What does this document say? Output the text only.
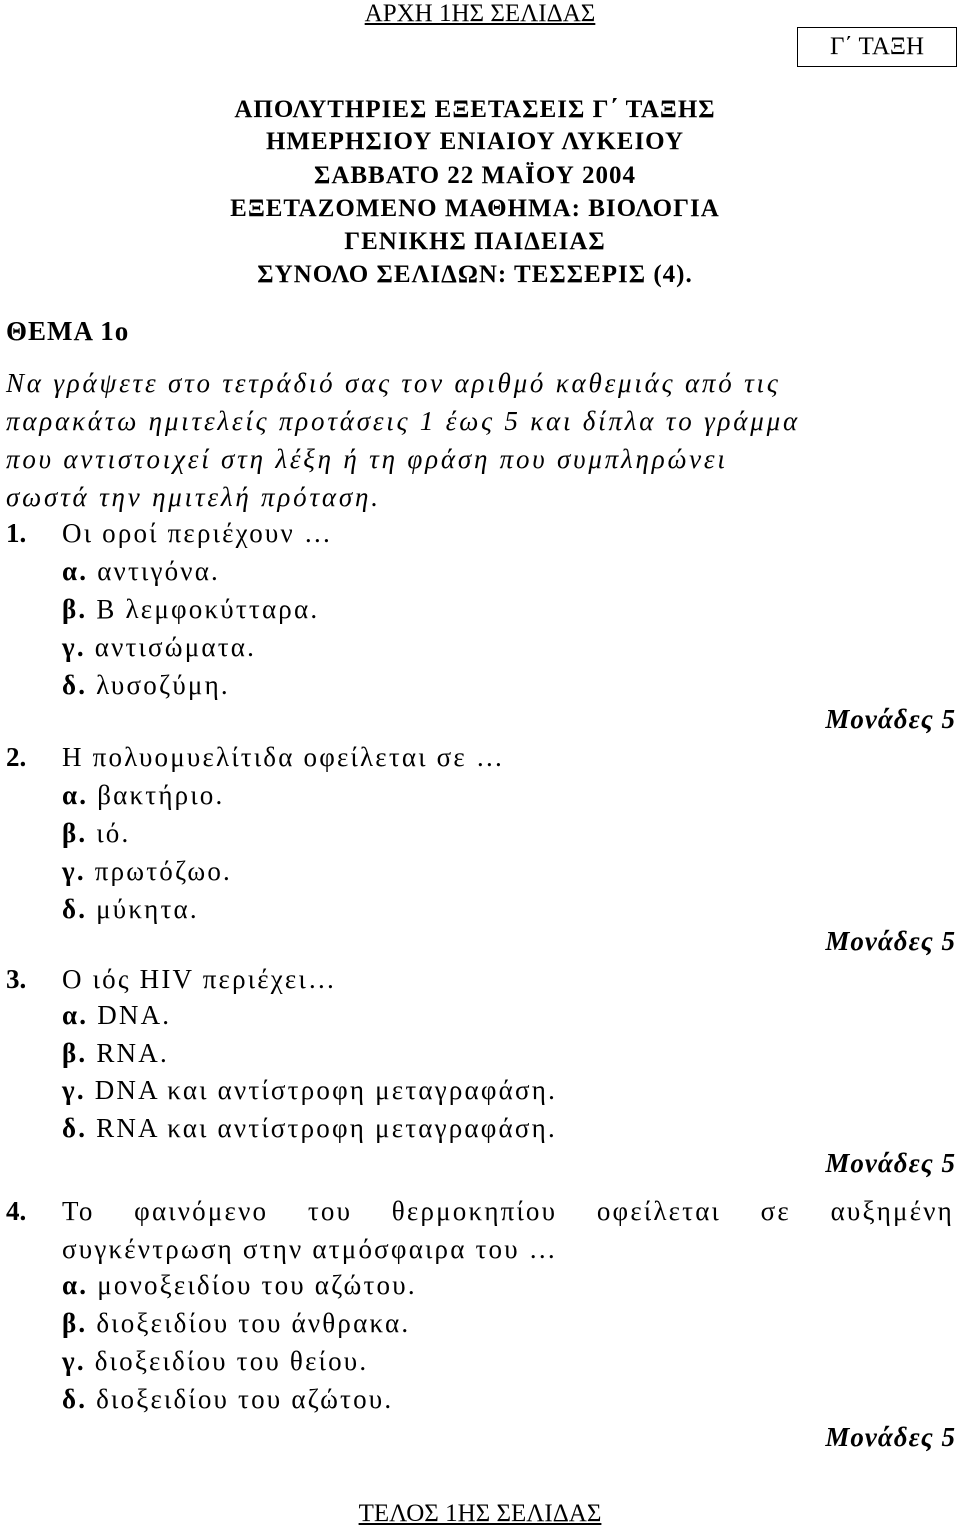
ΑΡΧΗ 1ΗΣ ΣΕΛΙΔΑΣ
Γ΄ ΤΑΞΗ
ΑΠΟΛΥΤΗΡΙΕΣ ΕΞΕΤΑΣΕΙΣ Γ΄ ΤΑΞΗΣ
ΗΜΕΡΗΣΙΟΥ ΕΝΙΑΙΟΥ ΛΥΚΕΙΟΥ
ΣΑΒΒΑΤΟ 22 ΜΑΪΟΥ 2004
ΕΞΕΤΑΖΟΜΕΝΟ ΜΑΘΗΜΑ: ΒΙΟΛΟΓΙΑ
ΓΕΝΙΚΗΣ ΠΑΙΔΕΙΑΣ
ΣΥΝΟΛΟ ΣΕΛΙΔΩΝ: ΤΕΣΣΕΡΙΣ (4).
ΘΕΜΑ 1ο
Να γράψετε στο τετράδιό σας τον αριθμό καθεμιάς από τις
παρακάτω ημιτελείς προτάσεις 1 έως 5 και δίπλα το γράμμα
που αντιστοιχεί στη λέξη ή τη φράση που συμπληρώνει
σωστά την ημιτελή πρόταση.
1. Οι οροί περιέχουν …
α. αντιγόνα.
β. Β λεμφοκύτταρα.
γ. αντισώματα.
δ. λυσοζύμη.
Μονάδες 5
2. Η πολυομυελίτιδα οφείλεται σε …
α. βακτήριο.
β. ιό.
γ. πρωτόζωο.
δ. μύκητα.
Μονάδες 5
3. Ο ιός HIV περιέχει…
α. DNA.
β. RNA.
γ. DNA και αντίστροφη μεταγραφάση.
δ. RNA και αντίστροφη μεταγραφάση.
Μονάδες 5
4. Το φαινόμενο του θερμοκηπίου οφείλεται σε αυξημένη
συγκέντρωση στην ατμόσφαιρα του …
α. μονοξειδίου του αζώτου.
β. διοξειδίου του άνθρακα.
γ. διοξειδίου του θείου.
δ. διοξειδίου του αζώτου.
Μονάδες 5
ΤΕΛΟΣ 1ΗΣ ΣΕΛΙΔΑΣ
